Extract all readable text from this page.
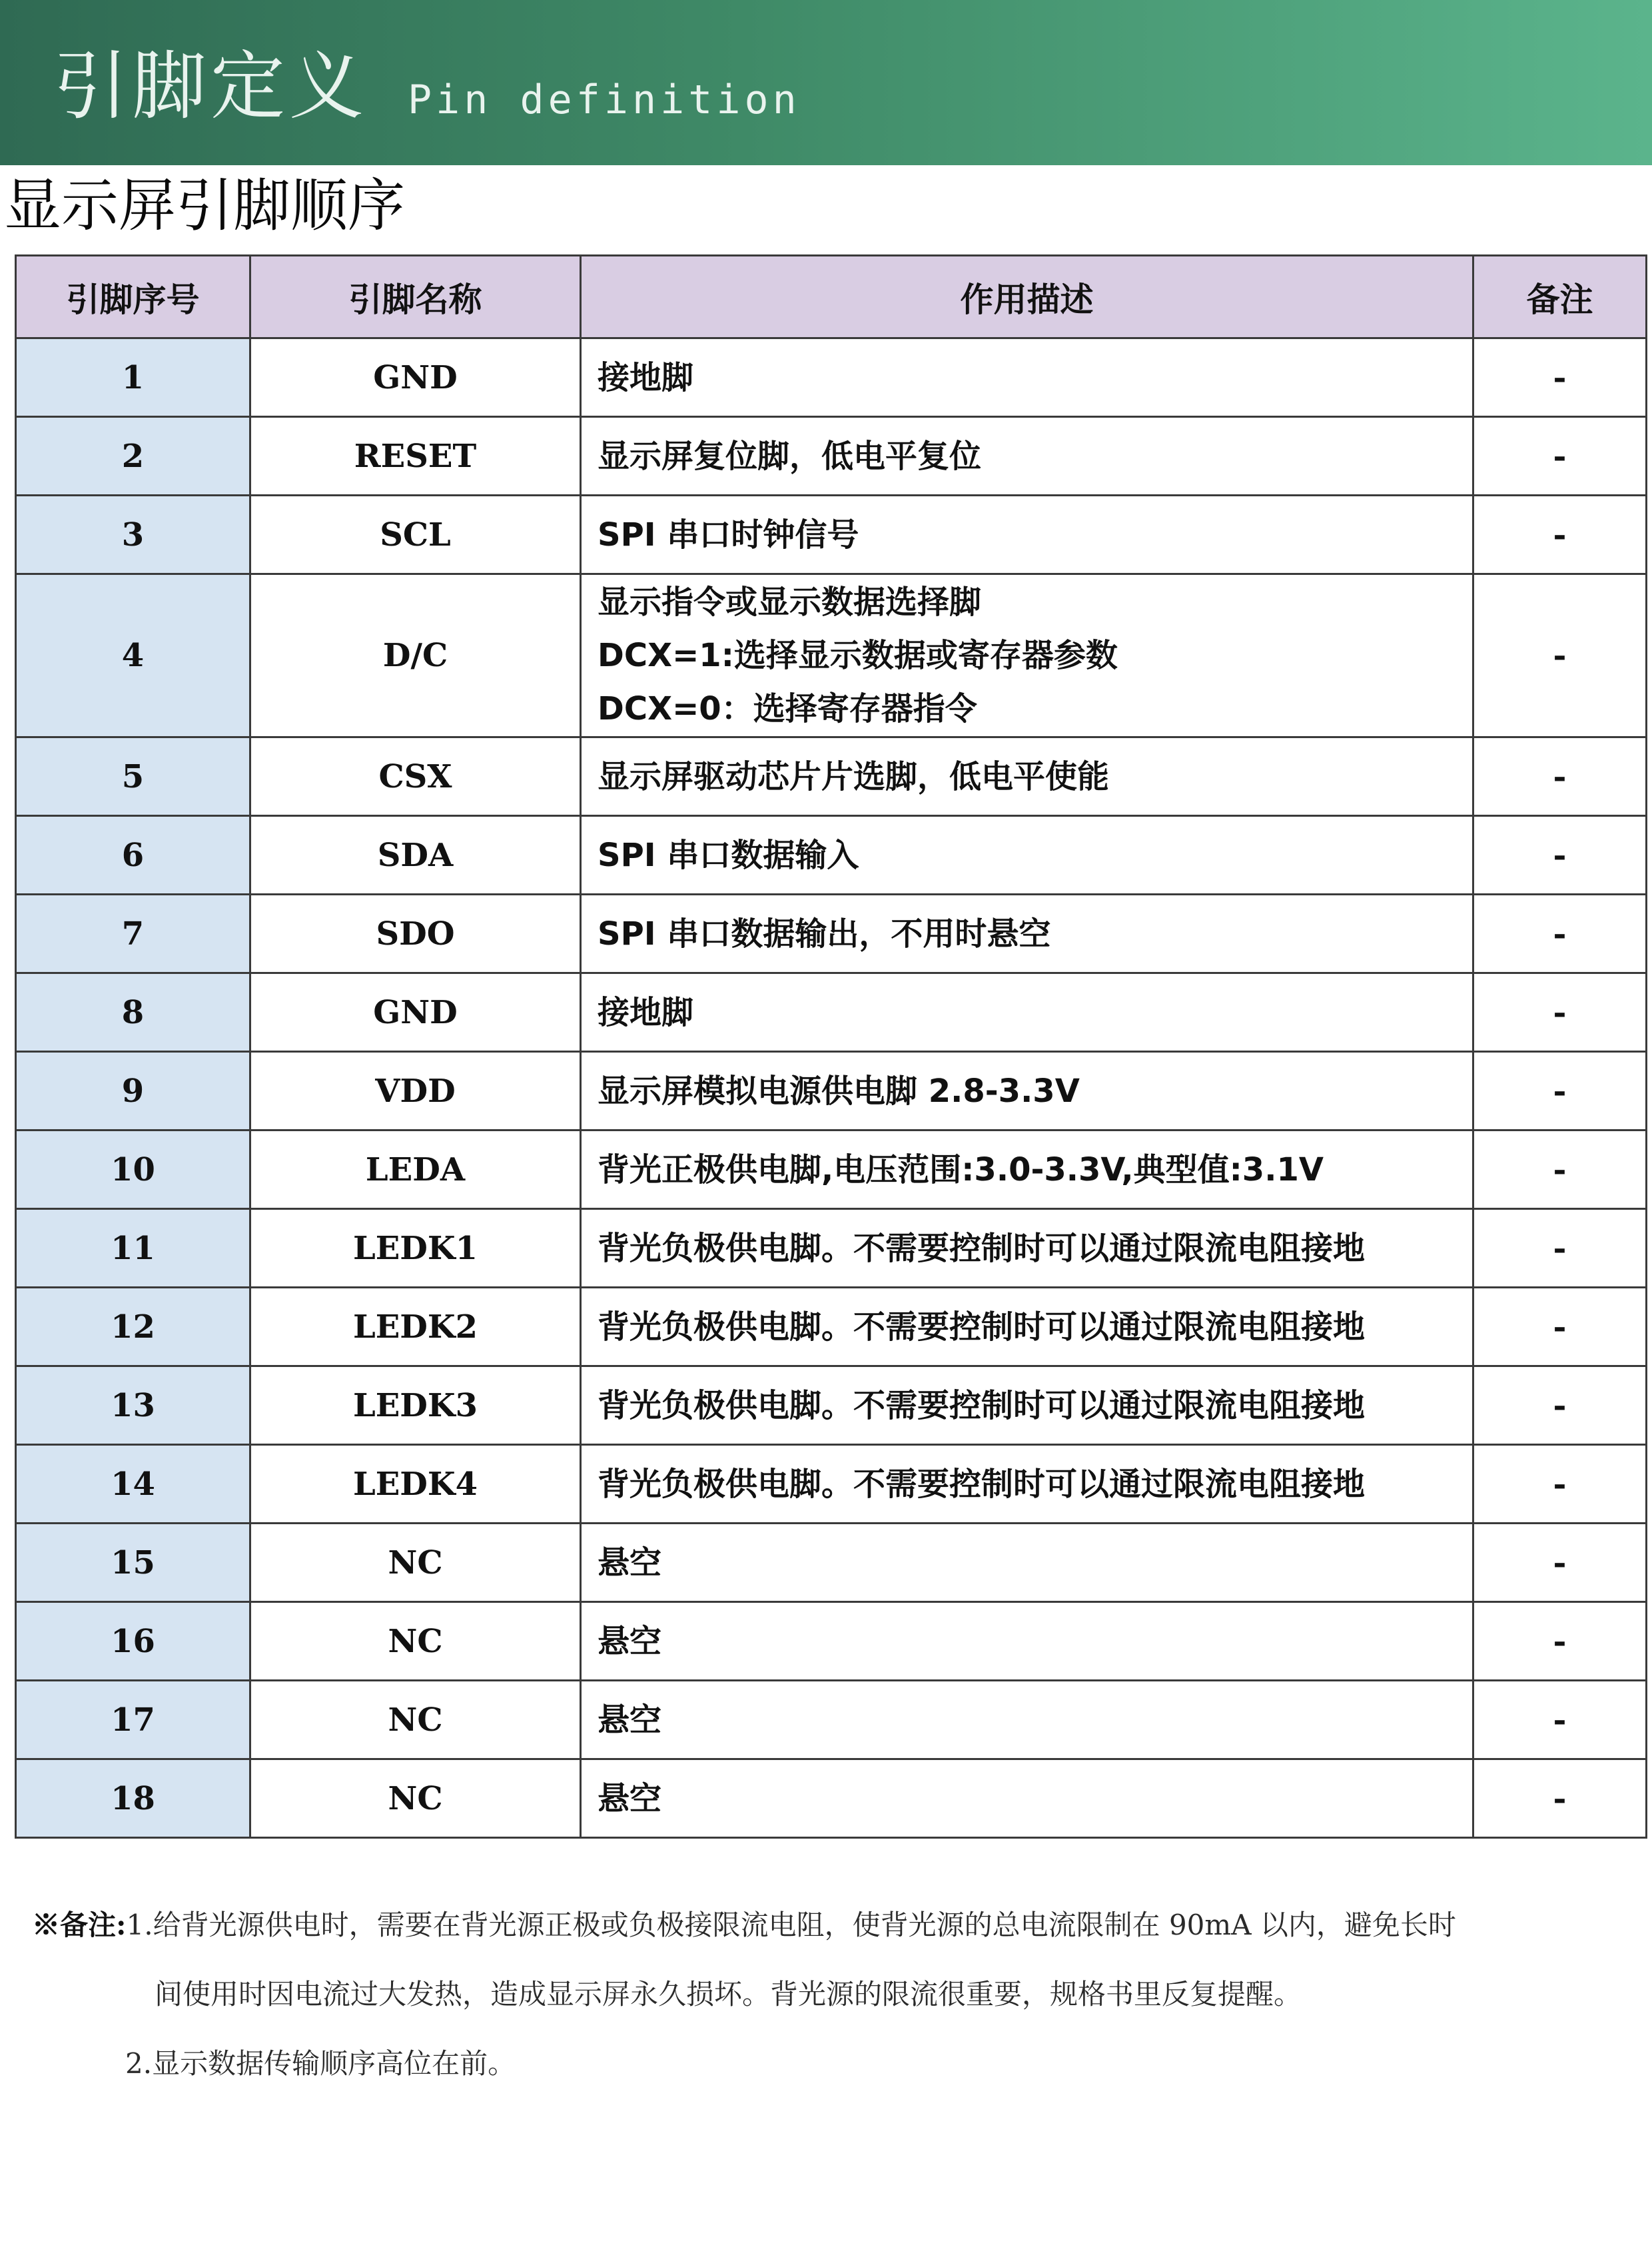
引脚定义 Pin definition
显示屏引脚顺序
引脚序号	引脚名称	作用描述	备注
1	GND	接地脚	-
2	RESET	显示屏复位脚，低电平复位	-
3	SCL	SPI 串口时钟信号	-
4	D/C	显示指令或显示数据选择脚
DCX=1:选择显示数据或寄存器参数
DCX=0：选择寄存器指令	-
5	CSX	显示屏驱动芯片片选脚，低电平使能	-
6	SDA	SPI 串口数据输入	-
7	SDO	SPI 串口数据输出，不用时悬空	-
8	GND	接地脚	-
9	VDD	显示屏模拟电源供电脚 2.8-3.3V	-
10	LEDA	背光正极供电脚,电压范围:3.0-3.3V,典型值:3.1V	-
11	LEDK1	背光负极供电脚。不需要控制时可以通过限流电阻接地	-
12	LEDK2	背光负极供电脚。不需要控制时可以通过限流电阻接地	-
13	LEDK3	背光负极供电脚。不需要控制时可以通过限流电阻接地	-
14	LEDK4	背光负极供电脚。不需要控制时可以通过限流电阻接地	-
15	NC	悬空	-
16	NC	悬空	-
17	NC	悬空	-
18	NC	悬空	-
※备注:1.给背光源供电时，需要在背光源正极或负极接限流电阻，使背光源的总电流限制在 90mA 以内，避免长时
间使用时因电流过大发热，造成显示屏永久损坏。背光源的限流很重要，规格书里反复提醒。
2.显示数据传输顺序高位在前。
